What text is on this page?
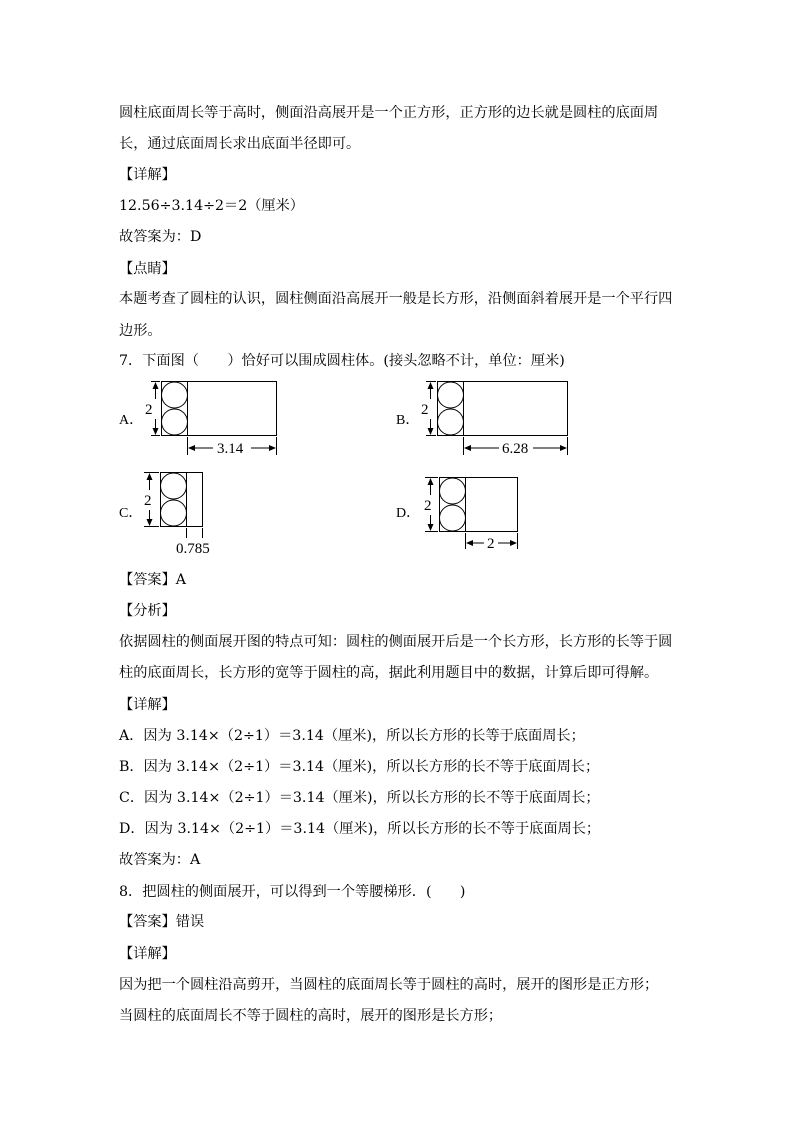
圆柱底面周长等于高时，侧面沿高展开是一个正方形，正方形的边长就是圆柱的底面周
长，通过底面周长求出底面半径即可。
【详解】
12.56÷3.14÷2＝2（厘米）
故答案为：D
【点睛】
本题考查了圆柱的认识，圆柱侧面沿高展开一般是长方形，沿侧面斜着展开是一个平行四
边形。
7．下面图（　　）恰好可以围成圆柱体。(接头忽略不计，单位：厘米)
A．
2
3.14
B．
2
6.28
C．
2
0.785
D． 2
2
【答案】A
【分析】
依据圆柱的侧面展开图的特点可知：圆柱的侧面展开后是一个长方形，长方形的长等于圆
柱的底面周长，长方形的宽等于圆柱的高，据此利用题目中的数据，计算后即可得解。
【详解】
A．因为 3.14×（2÷1）＝3.14（厘米)，所以长方形的长等于底面周长；
B．因为 3.14×（2÷1）＝3.14（厘米)，所以长方形的长不等于底面周长；
C．因为 3.14×（2÷1）＝3.14（厘米)，所以长方形的长不等于底面周长；
D．因为 3.14×（2÷1）＝3.14（厘米)，所以长方形的长不等于底面周长；
故答案为：A
8．把圆柱的侧面展开，可以得到一个等腰梯形．(　　)
【答案】错误
【详解】
因为把一个圆柱沿高剪开，当圆柱的底面周长等于圆柱的高时，展开的图形是正方形；
当圆柱的底面周长不等于圆柱的高时，展开的图形是长方形；
